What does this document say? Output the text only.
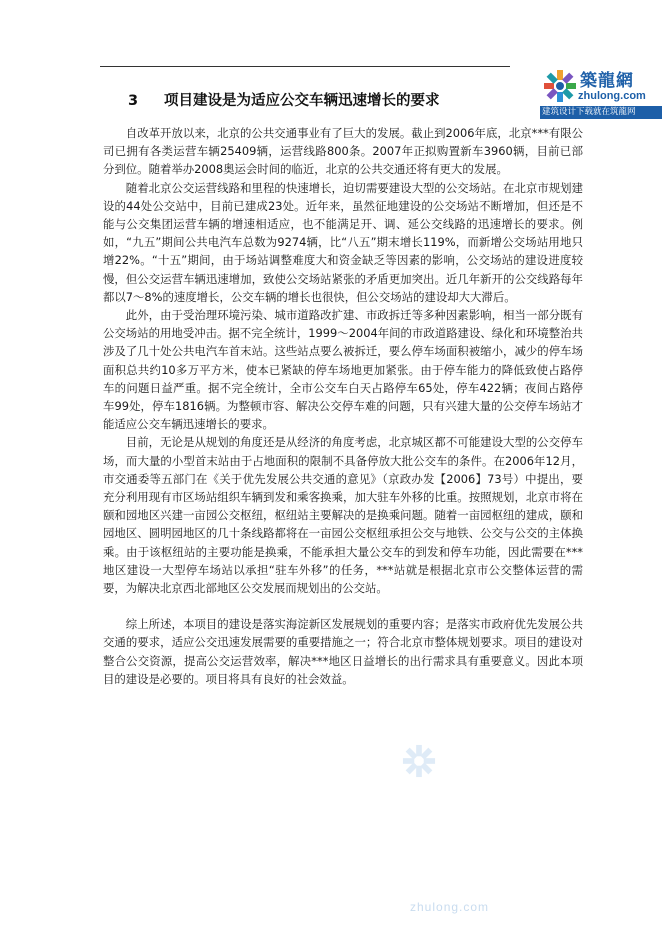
築龍網
zhulong.com
建筑设计下载就在筑龍网
3 项目建设是为适应公交车辆迅速增长的要求

自改革开放以来，北京的公共交通事业有了巨大的发展。截止到2006年底，北京***有限公司已拥有各类运营车辆25409辆，运营线路800条。2007年正拟购置新车3960辆，目前已部分到位。随着举办2008奥运会时间的临近，北京的公共交通还将有更大的发展。

随着北京公交运营线路和里程的快速增长，迫切需要建设大型的公交场站。在北京市规划建设的44处公交站中，目前已建成23处。近年来，虽然征地建设的公交场站不断增加，但还是不能与公交集团运营车辆的增速相适应，也不能满足开、调、延公交线路的迅速增长的要求。例如，“九五”期间公共电汽车总数为9274辆，比“八五”期末增长119%，而新增公交场站用地只增22%。“十五”期间，由于场站调整难度大和资金缺乏等因素的影响，公交场站的建设进度较慢，但公交运营车辆迅速增加，致使公交场站紧张的矛盾更加突出。近几年新开的公交线路每年都以7～8%的速度增长，公交车辆的增长也很快，但公交场站的建设却大大滞后。

此外，由于受治理环境污染、城市道路改扩建、市政拆迁等多种因素影响，相当一部分既有公交场站的用地受冲击。据不完全统计，1999～2004年间的市政道路建设、绿化和环境整治共涉及了几十处公共电汽车首末站。这些站点要么被拆迁，要么停车场面积被缩小，减少的停车场面积总共约10多万平方米，使本已紧缺的停车场地更加紧张。由于停车能力的降低致使占路停车的问题日益严重。据不完全统计，全市公交车白天占路停车65处，停车422辆；夜间占路停车99处，停车1816辆。为整顿市容、解决公交停车难的问题，只有兴建大量的公交停车场站才能适应公交车辆迅速增长的要求。

目前，无论是从规划的角度还是从经济的角度考虑，北京城区都不可能建设大型的公交停车场，而大量的小型首末站由于占地面积的限制不具备停放大批公交车的条件。在2006年12月，市交通委等五部门在《关于优先发展公共交通的意见》（京政办发【2006】73号）中提出，要充分利用现有市区场站组织车辆到发和乘客换乘，加大驻车外移的比重。按照规划，北京市将在颐和园地区兴建一亩园公交枢纽，枢纽站主要解决的是换乘问题。随着一亩园枢纽的建成，颐和园地区、圆明园地区的几十条线路都将在一亩园公交枢纽承担公交与地铁、公交与公交的主体换乘。由于该枢纽站的主要功能是换乘，不能承担大量公交车的到发和停车功能，因此需要在***地区建设一大型停车场站以承担“驻车外移”的任务，***站就是根据北京市公交整体运营的需要，为解决北京西北部地区公交发展而规划出的公交站。

综上所述，本项目的建设是落实海淀新区发展规划的重要内容；是落实市政府优先发展公共交通的要求，适应公交迅速发展需要的重要措施之一；符合北京市整体规划要求。项目的建设对整合公交资源，提高公交运营效率，解决***地区日益增长的出行需求具有重要意义。因此本项目的建设是必要的。项目将具有良好的社会效益。

zhulong.com
